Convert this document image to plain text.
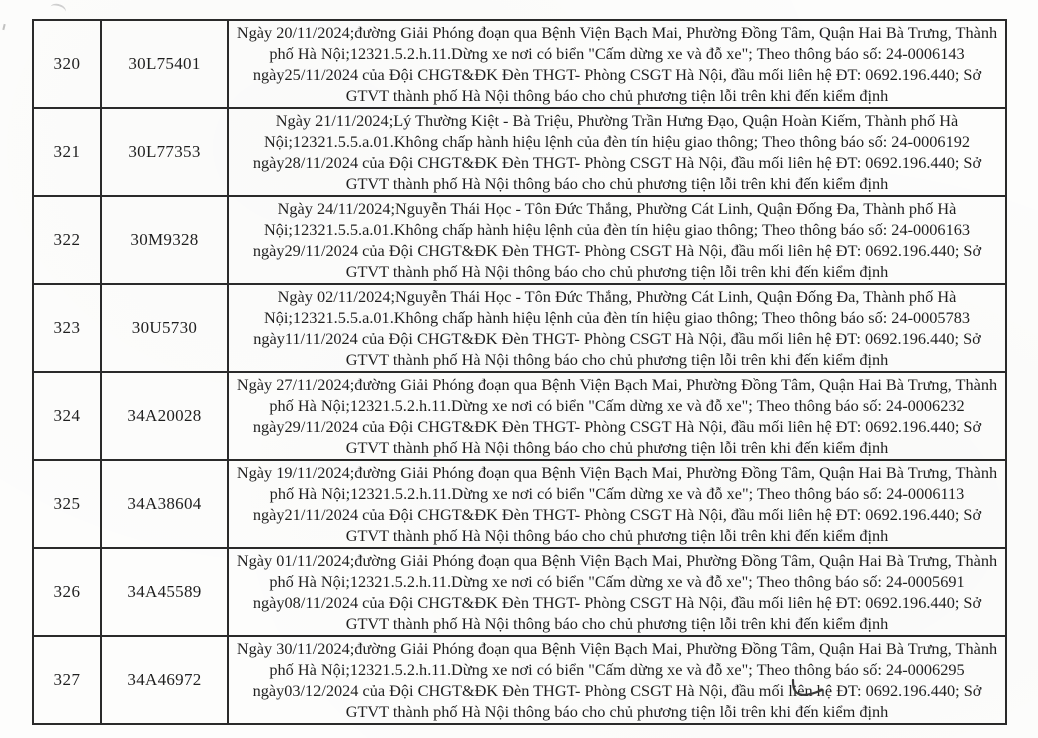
320	30L75401	Ngày 20/11/2024;đường Giải Phóng đoạn qua Bệnh Viện Bạch Mai, Phường Đồng Tâm, Quận Hai Bà Trưng, Thành phố Hà Nội;12321.5.2.h.11.Dừng xe nơi có biển "Cấm dừng xe và đỗ xe"; Theo thông báo số: 24-0006143 ngày25/11/2024 của Đội CHGT&ĐK Đèn THGT- Phòng CSGT Hà Nội, đầu mối liên hệ ĐT: 0692.196.440; Sở GTVT thành phố Hà Nội thông báo cho chủ phương tiện lỗi trên khi đến kiểm định
321	30L77353	Ngày 21/11/2024;Lý Thường Kiệt - Bà Triệu, Phường Trần Hưng Đạo, Quận Hoàn Kiếm, Thành phố Hà Nội;12321.5.5.a.01.Không chấp hành hiệu lệnh của đèn tín hiệu giao thông; Theo thông báo số: 24-0006192 ngày28/11/2024 của Đội CHGT&ĐK Đèn THGT- Phòng CSGT Hà Nội, đầu mối liên hệ ĐT: 0692.196.440; Sở GTVT thành phố Hà Nội thông báo cho chủ phương tiện lỗi trên khi đến kiểm định
322	30M9328	Ngày 24/11/2024;Nguyễn Thái Học - Tôn Đức Thắng, Phường Cát Linh, Quận Đống Đa, Thành phố Hà Nội;12321.5.5.a.01.Không chấp hành hiệu lệnh của đèn tín hiệu giao thông; Theo thông báo số: 24-0006163 ngày29/11/2024 của Đội CHGT&ĐK Đèn THGT- Phòng CSGT Hà Nội, đầu mối liên hệ ĐT: 0692.196.440; Sở GTVT thành phố Hà Nội thông báo cho chủ phương tiện lỗi trên khi đến kiểm định
323	30U5730	Ngày 02/11/2024;Nguyễn Thái Học - Tôn Đức Thắng, Phường Cát Linh, Quận Đống Đa, Thành phố Hà Nội;12321.5.5.a.01.Không chấp hành hiệu lệnh của đèn tín hiệu giao thông; Theo thông báo số: 24-0005783 ngày11/11/2024 của Đội CHGT&ĐK Đèn THGT- Phòng CSGT Hà Nội, đầu mối liên hệ ĐT: 0692.196.440; Sở GTVT thành phố Hà Nội thông báo cho chủ phương tiện lỗi trên khi đến kiểm định
324	34A20028	Ngày 27/11/2024;đường Giải Phóng đoạn qua Bệnh Viện Bạch Mai, Phường Đồng Tâm, Quận Hai Bà Trưng, Thành phố Hà Nội;12321.5.2.h.11.Dừng xe nơi có biển "Cấm dừng xe và đỗ xe"; Theo thông báo số: 24-0006232 ngày29/11/2024 của Đội CHGT&ĐK Đèn THGT- Phòng CSGT Hà Nội, đầu mối liên hệ ĐT: 0692.196.440; Sở GTVT thành phố Hà Nội thông báo cho chủ phương tiện lỗi trên khi đến kiểm định
325	34A38604	Ngày 19/11/2024;đường Giải Phóng đoạn qua Bệnh Viện Bạch Mai, Phường Đồng Tâm, Quận Hai Bà Trưng, Thành phố Hà Nội;12321.5.2.h.11.Dừng xe nơi có biển "Cấm dừng xe và đỗ xe"; Theo thông báo số: 24-0006113 ngày21/11/2024 của Đội CHGT&ĐK Đèn THGT- Phòng CSGT Hà Nội, đầu mối liên hệ ĐT: 0692.196.440; Sở GTVT thành phố Hà Nội thông báo cho chủ phương tiện lỗi trên khi đến kiểm định
326	34A45589	Ngày 01/11/2024;đường Giải Phóng đoạn qua Bệnh Viện Bạch Mai, Phường Đồng Tâm, Quận Hai Bà Trưng, Thành phố Hà Nội;12321.5.2.h.11.Dừng xe nơi có biển "Cấm dừng xe và đỗ xe"; Theo thông báo số: 24-0005691 ngày08/11/2024 của Đội CHGT&ĐK Đèn THGT- Phòng CSGT Hà Nội, đầu mối liên hệ ĐT: 0692.196.440; Sở GTVT thành phố Hà Nội thông báo cho chủ phương tiện lỗi trên khi đến kiểm định
327	34A46972	Ngày 30/11/2024;đường Giải Phóng đoạn qua Bệnh Viện Bạch Mai, Phường Đồng Tâm, Quận Hai Bà Trưng, Thành phố Hà Nội;12321.5.2.h.11.Dừng xe nơi có biển "Cấm dừng xe và đỗ xe"; Theo thông báo số: 24-0006295 ngày03/12/2024 của Đội CHGT&ĐK Đèn THGT- Phòng CSGT Hà Nội, đầu mối liên hệ ĐT: 0692.196.440; Sở GTVT thành phố Hà Nội thông báo cho chủ phương tiện lỗi trên khi đến kiểm định
